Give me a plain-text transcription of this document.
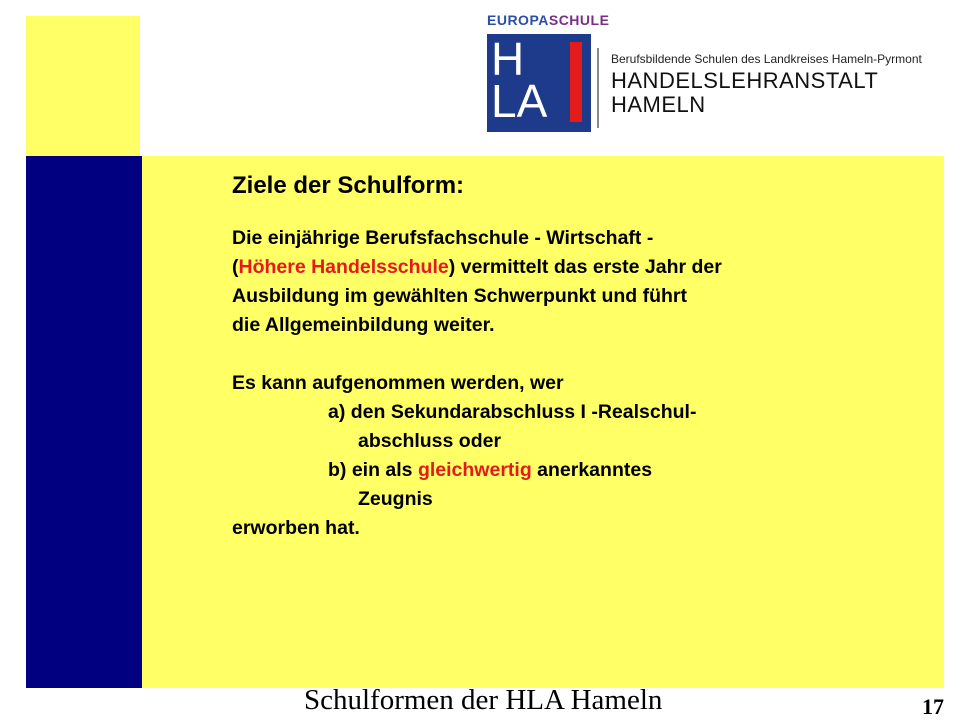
EUROPASCHULE
H
LA
Berufsbildende Schulen des Landkreises Hameln-Pyrmont
HANDELSLEHRANSTALT
HAMELN
Ziele der Schulform:
Die einjährige Berufsfachschule - Wirtschaft -
(Höhere Handelsschule) vermittelt das erste Jahr der
Ausbildung im gewählten Schwerpunkt und führt
die Allgemeinbildung weiter.
Es kann aufgenommen werden, wer
a) den Sekundarabschluss I -Realschul-
abschluss oder
b) ein als gleichwertig anerkanntes
Zeugnis
erworben hat.
Schulformen der HLA Hameln	17
